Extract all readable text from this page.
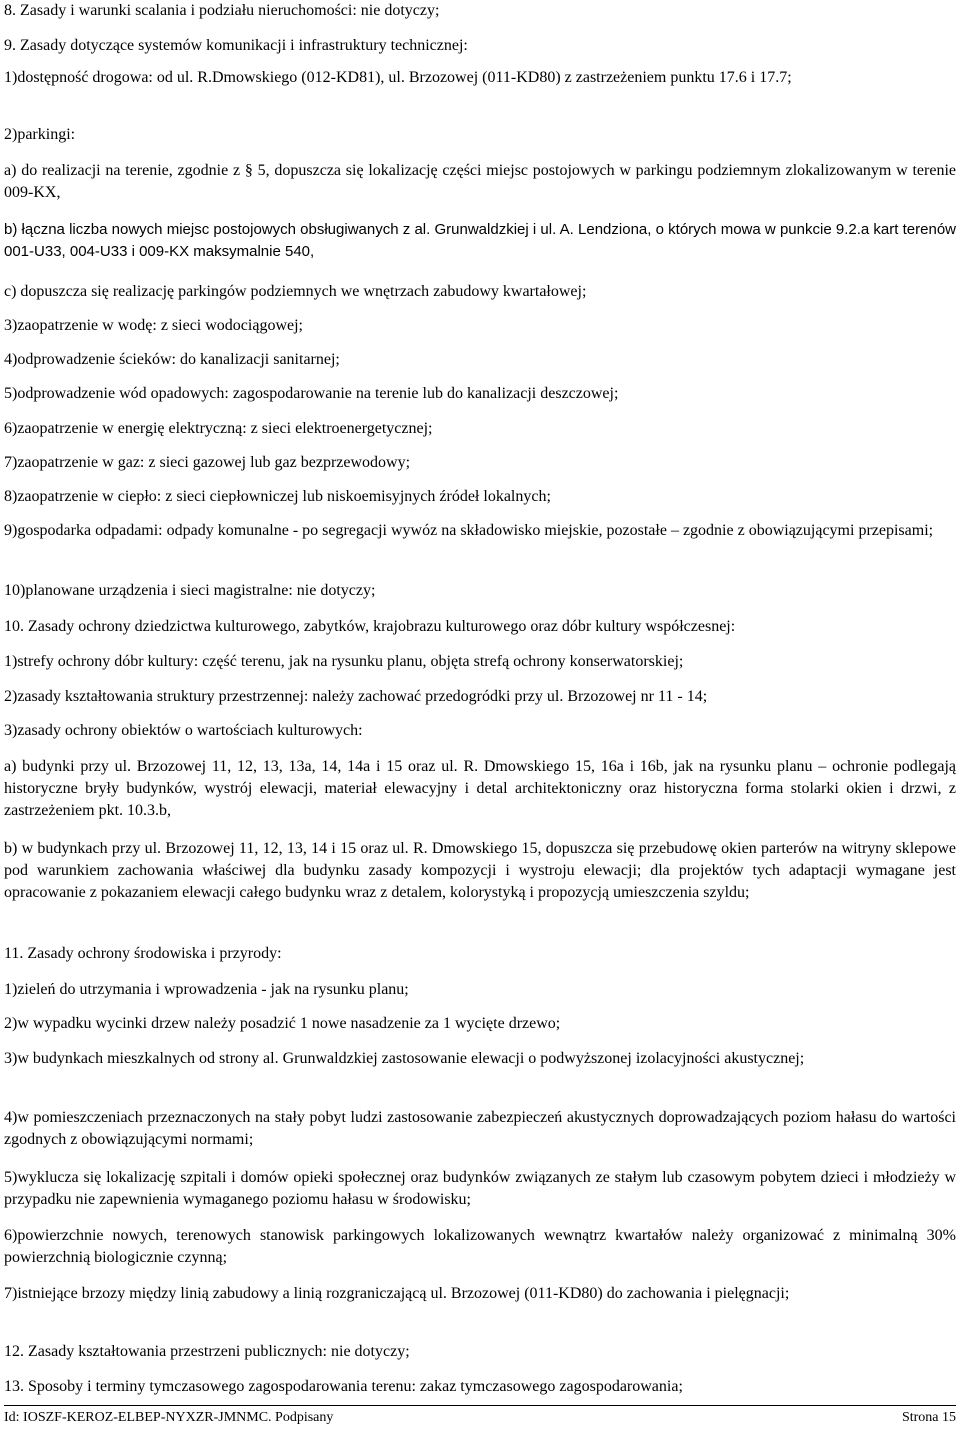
8. Zasady i warunki scalania i podziału nieruchomości: nie dotyczy;

9. Zasady dotyczące systemów komunikacji i infrastruktury technicznej:

1)dostępność drogowa: od ul. R.Dmowskiego (012-KD81), ul. Brzozowej (011-KD80) z zastrzeżeniem punktu 17.6 i 17.7;

2)parkingi:

a) do realizacji na terenie, zgodnie z § 5, dopuszcza się lokalizację części miejsc postojowych w parkingu podziemnym zlokalizowanym w terenie 009-KX,

b) łączna liczba nowych miejsc postojowych obsługiwanych z al. Grunwaldzkiej i ul. A. Lendziona, o których mowa w punkcie 9.2.a kart terenów 001-U33, 004-U33 i 009-KX maksymalnie 540,

c) dopuszcza się realizację parkingów podziemnych we wnętrzach zabudowy kwartałowej;

3)zaopatrzenie w wodę: z sieci wodociągowej;

4)odprowadzenie ścieków: do kanalizacji sanitarnej;

5)odprowadzenie wód opadowych: zagospodarowanie na terenie lub do kanalizacji deszczowej;

6)zaopatrzenie w energię elektryczną: z sieci elektroenergetycznej;

7)zaopatrzenie w gaz: z sieci gazowej lub gaz bezprzewodowy;

8)zaopatrzenie w ciepło: z sieci ciepłowniczej lub niskoemisyjnych źródeł lokalnych;

9)gospodarka odpadami: odpady komunalne - po segregacji wywóz na składowisko miejskie, pozostałe – zgodnie z obowiązującymi przepisami;

10)planowane urządzenia i sieci magistralne: nie dotyczy;

10. Zasady ochrony dziedzictwa kulturowego, zabytków, krajobrazu kulturowego oraz dóbr kultury współczesnej:

1)strefy ochrony dóbr kultury: część terenu, jak na rysunku planu, objęta strefą ochrony konserwatorskiej;

2)zasady kształtowania struktury przestrzennej: należy zachować przedogródki przy ul. Brzozowej nr 11 - 14;

3)zasady ochrony obiektów o wartościach kulturowych:

a) budynki przy ul. Brzozowej 11, 12, 13, 13a, 14, 14a i 15 oraz ul. R. Dmowskiego 15, 16a i 16b, jak na rysunku planu – ochronie podlegają historyczne bryły budynków, wystrój elewacji, materiał elewacyjny i detal architektoniczny oraz historyczna forma stolarki okien i drzwi, z zastrzeżeniem pkt. 10.3.b,

b) w budynkach przy ul. Brzozowej 11, 12, 13, 14 i 15 oraz ul. R. Dmowskiego 15, dopuszcza się przebudowę okien parterów na witryny sklepowe pod warunkiem zachowania właściwej dla budynku zasady kompozycji i wystroju elewacji; dla projektów tych adaptacji wymagane jest opracowanie z pokazaniem elewacji całego budynku wraz z detalem, kolorystyką i propozycją umieszczenia szyldu;

11. Zasady ochrony środowiska i przyrody:

1)zieleń do utrzymania i wprowadzenia - jak na rysunku planu;

2)w wypadku wycinki drzew należy posadzić 1 nowe nasadzenie za 1 wycięte drzewo;

3)w budynkach mieszkalnych od strony al. Grunwaldzkiej zastosowanie elewacji o podwyższonej izolacyjności akustycznej;

4)w pomieszczeniach przeznaczonych na stały pobyt ludzi zastosowanie zabezpieczeń akustycznych doprowadzających poziom hałasu do wartości zgodnych z obowiązującymi normami;

5)wyklucza się lokalizację szpitali i domów opieki społecznej oraz budynków związanych ze stałym lub czasowym pobytem dzieci i młodzieży w przypadku nie zapewnienia wymaganego poziomu hałasu w środowisku;

6)powierzchnie nowych, terenowych stanowisk parkingowych lokalizowanych wewnątrz kwartałów należy organizować z minimalną 30% powierzchnią biologicznie czynną;

7)istniejące brzozy między linią zabudowy a linią rozgraniczającą ul. Brzozowej (011-KD80) do zachowania i pielęgnacji;

12. Zasady kształtowania przestrzeni publicznych: nie dotyczy;

13. Sposoby i terminy tymczasowego zagospodarowania terenu: zakaz tymczasowego zagospodarowania;

Id: IOSZF-KEROZ-ELBEP-NYXZR-JMNMC. Podpisany	Strona 15
